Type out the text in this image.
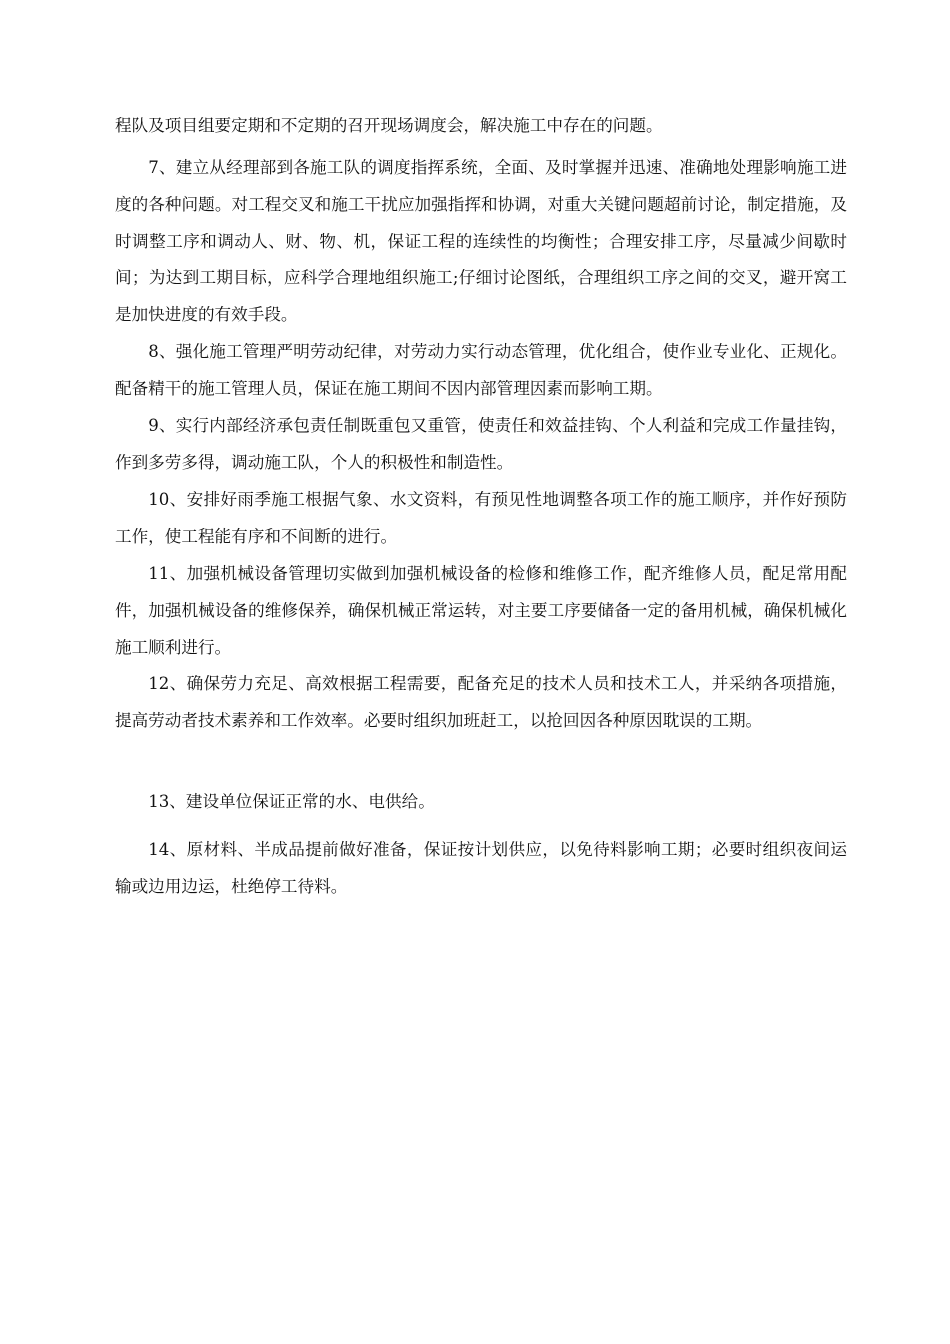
程队及项目组要定期和不定期的召开现场调度会，解决施工中存在的问题。

7、建立从经理部到各施工队的调度指挥系统，全面、及时掌握并迅速、准确地处理影响施工进度的各种问题。对工程交叉和施工干扰应加强指挥和协调，对重大关键问题超前讨论，制定措施，及时调整工序和调动人、财、物、机，保证工程的连续性的均衡性；合理安排工序，尽量减少间歇时间；为达到工期目标，应科学合理地组织施工;仔细讨论图纸，合理组织工序之间的交叉，避开窝工是加快进度的有效手段。

8、强化施工管理严明劳动纪律，对劳动力实行动态管理，优化组合，使作业专业化、正规化。配备精干的施工管理人员，保证在施工期间不因内部管理因素而影响工期。

9、实行内部经济承包责任制既重包又重管，使责任和效益挂钩、个人利益和完成工作量挂钩，作到多劳多得，调动施工队，个人的积极性和制造性。

10、安排好雨季施工根据气象、水文资料，有预见性地调整各项工作的施工顺序，并作好预防工作，使工程能有序和不间断的进行。

11、加强机械设备管理切实做到加强机械设备的检修和维修工作，配齐维修人员，配足常用配件，加强机械设备的维修保养，确保机械正常运转，对主要工序要储备一定的备用机械，确保机械化施工顺利进行。

12、确保劳力充足、高效根据工程需要，配备充足的技术人员和技术工人，并采纳各项措施，提高劳动者技术素养和工作效率。必要时组织加班赶工，以抢回因各种原因耽误的工期。

13、建设单位保证正常的水、电供给。

14、原材料、半成品提前做好准备，保证按计划供应，以免待料影响工期；必要时组织夜间运输或边用边运，杜绝停工待料。
